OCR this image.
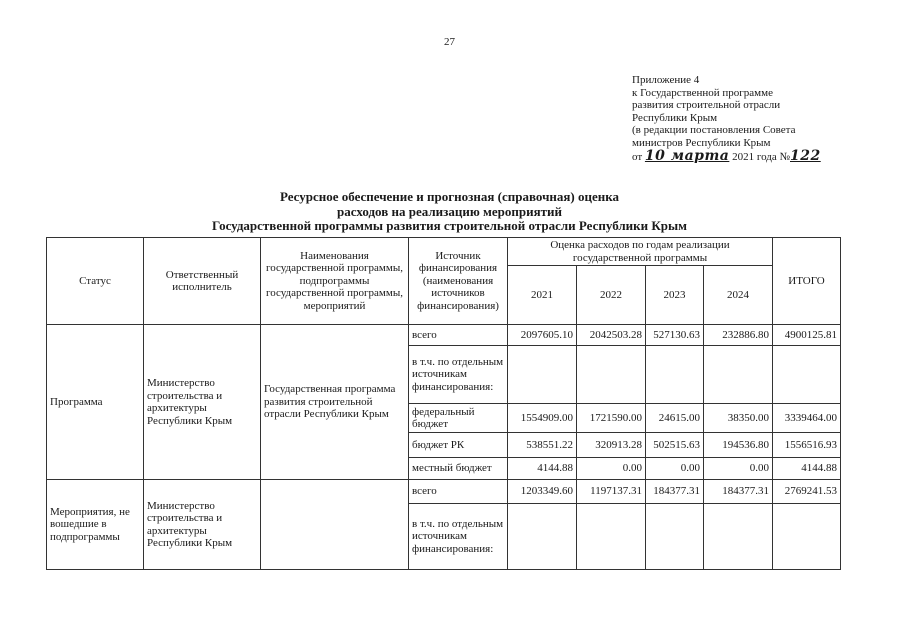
27
Приложение 4
к Государственной программе
развития строительной отрасли
Республики Крым
(в редакции постановления Совета
министров Республики Крым
от 10 марта 2021 года №122
Ресурсное обеспечение и прогнозная (справочная) оценка
расходов на реализацию мероприятий
Государственной программы развития строительной отрасли Республики Крым
Статус	Ответственный исполнитель	Наименования государственной программы, подпрограммы государственной программы, мероприятий	Источник финансирования (наименования источников финансирования)	Оценка расходов по годам реализации государственной программы				ИТОГО
				2021	2022	2023	2024	
Программа	Министерство строительства и архитектуры Республики Крым	Государственная программа развития строительной отрасли Республики Крым	всего	2097605.10	2042503.28	527130.63	232886.80	4900125.81
			в т.ч. по отдельным источникам финансирования:					
			федеральный бюджет	1554909.00	1721590.00	24615.00	38350.00	3339464.00
			бюджет РК	538551.22	320913.28	502515.63	194536.80	1556516.93
			местный бюджет	4144.88	0.00	0.00	0.00	4144.88
Мероприятия, не вошедшие в подпрограммы	Министерство строительства и архитектуры Республики Крым		всего	1203349.60	1197137.31	184377.31	184377.31	2769241.53
			в т.ч. по отдельным источникам финансирования:					
